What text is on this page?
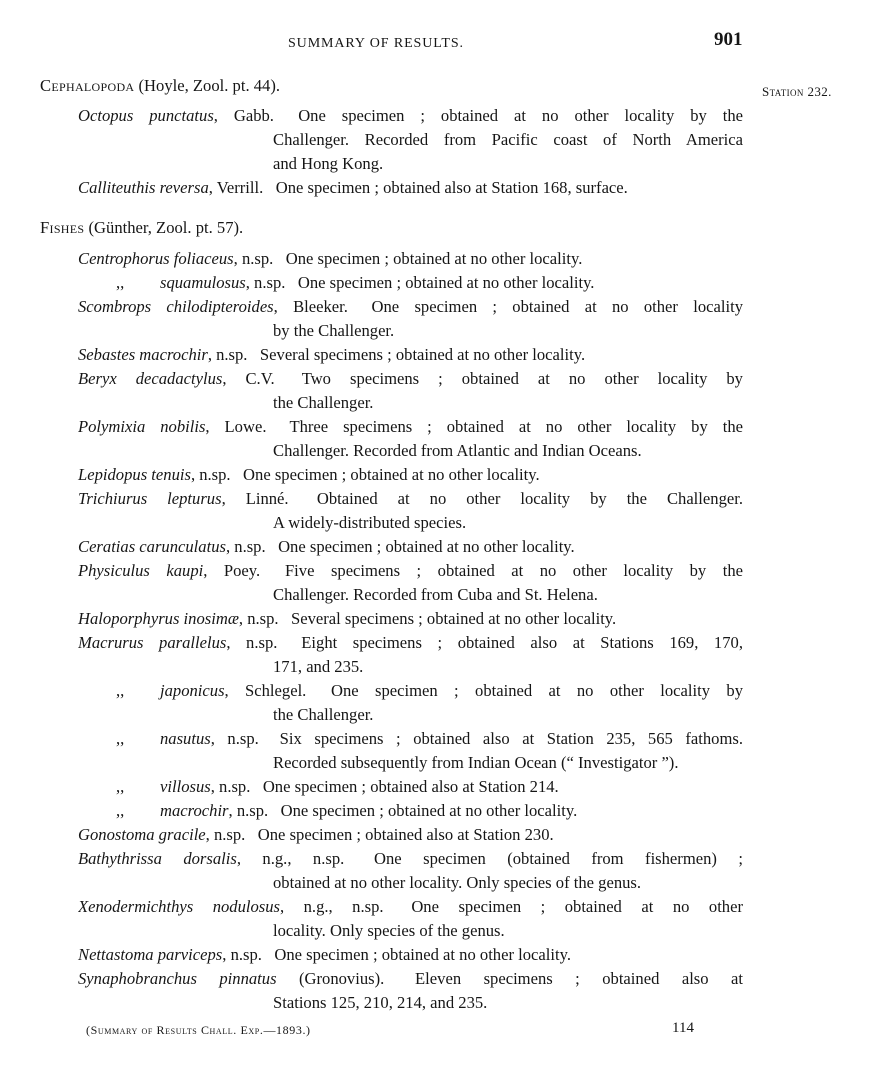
SUMMARY OF RESULTS.	901
Station 232.
Cephalopoda (Hoyle, Zool. pt. 44).
Octopus punctatus, Gabb.  One specimen ; obtained at no other locality by the
Challenger. Recorded from Pacific coast of North America
and Hong Kong.
Calliteuthis reversa, Verrill.  One specimen ; obtained also at Station 168, surface.
Fishes (Günther, Zool. pt. 57).
Centrophorus foliaceus, n.sp.  One specimen ; obtained at no other locality.
,, squamulosus, n.sp.  One specimen ; obtained at no other locality.
Scombrops chilodipteroides, Bleeker.  One specimen ; obtained at no other locality
by the Challenger.
Sebastes macrochir, n.sp.  Several specimens ; obtained at no other locality.
Beryx decadactylus, C.V.  Two specimens ; obtained at no other locality by
the Challenger.
Polymixia nobilis, Lowe.  Three specimens ; obtained at no other locality by the
Challenger. Recorded from Atlantic and Indian Oceans.
Lepidopus tenuis, n.sp.  One specimen ; obtained at no other locality.
Trichiurus lepturus, Linné.  Obtained at no other locality by the Challenger.
A widely-distributed species.
Ceratias carunculatus, n.sp.  One specimen ; obtained at no other locality.
Physiculus kaupi, Poey.  Five specimens ; obtained at no other locality by the
Challenger. Recorded from Cuba and St. Helena.
Haloporphyrus inosimæ, n.sp.  Several specimens ; obtained at no other locality.
Macrurus parallelus, n.sp.  Eight specimens ; obtained also at Stations 169, 170,
171, and 235.
,, japonicus, Schlegel.  One specimen ; obtained at no other locality by
the Challenger.
,, nasutus, n.sp.  Six specimens ; obtained also at Station 235, 565 fathoms.
Recorded subsequently from Indian Ocean (“ Investigator ”).
,, villosus, n.sp.  One specimen ; obtained also at Station 214.
,, macrochir, n.sp.  One specimen ; obtained at no other locality.
Gonostoma gracile, n.sp.  One specimen ; obtained also at Station 230.
Bathythrissa dorsalis, n.g., n.sp.  One specimen (obtained from fishermen) ;
obtained at no other locality. Only species of the genus.
Xenodermichthys nodulosus, n.g., n.sp.  One specimen ; obtained at no other
locality. Only species of the genus.
Nettastoma parviceps, n.sp.  One specimen ; obtained at no other locality.
Synaphobranchus pinnatus (Gronovius).  Eleven specimens ; obtained also at
Stations 125, 210, 214, and 235.
(Summary of Results Chall. Exp.—1893.)	114
